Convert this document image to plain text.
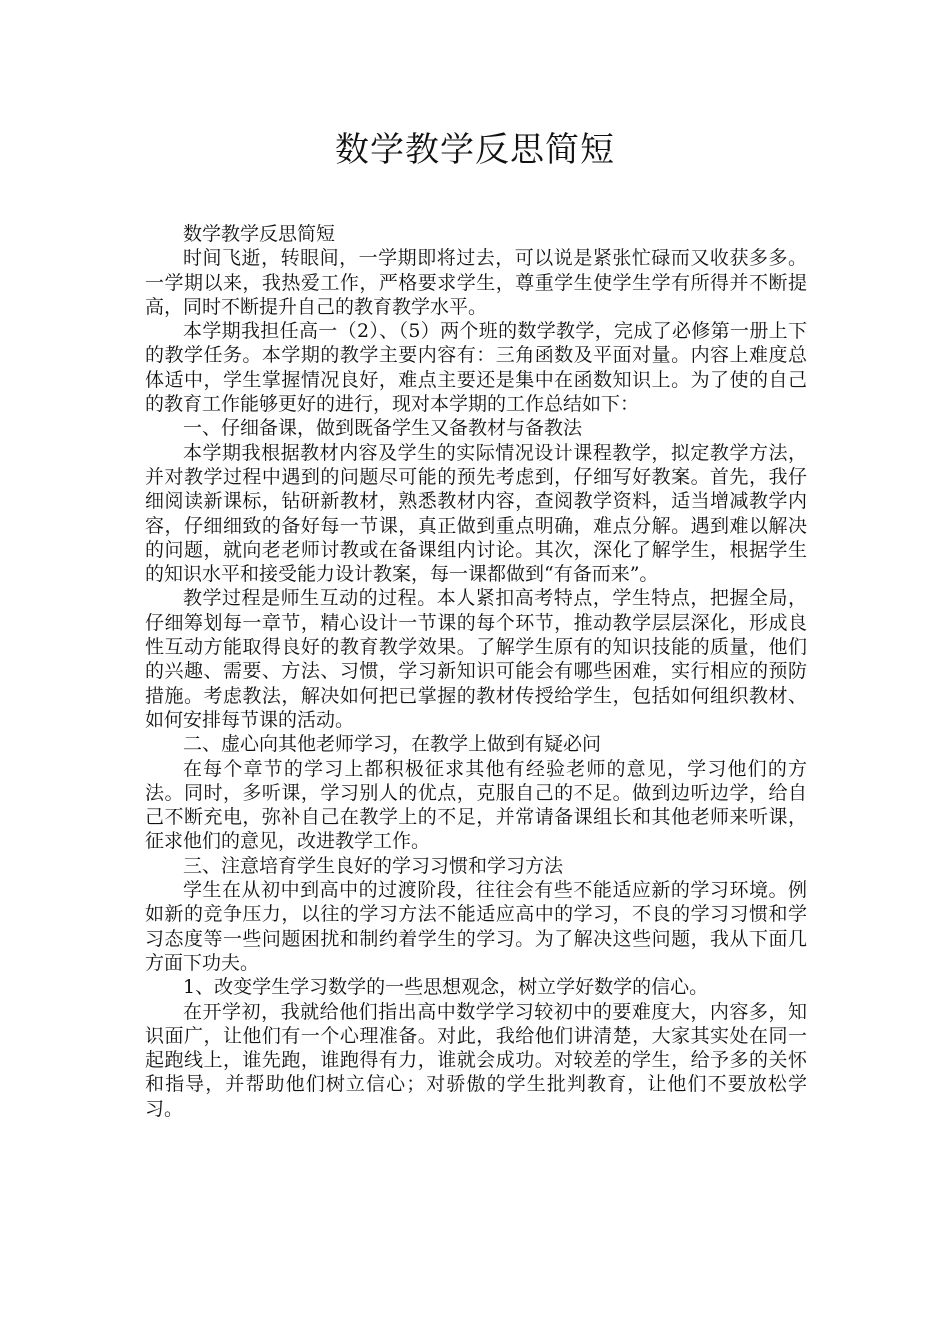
数学教学反思简短

数学教学反思简短

时间飞逝，转眼间，一学期即将过去，可以说是紧张忙碌而又收获多多。一学期以来，我热爱工作，严格要求学生，尊重学生使学生学有所得并不断提高，同时不断提升自己的教育教学水平。

本学期我担任高一（2）、（5）两个班的数学教学，完成了必修第一册上下的教学任务。本学期的教学主要内容有：三角函数及平面对量。内容上难度总体适中，学生掌握情况良好，难点主要还是集中在函数知识上。为了使的自己的教育工作能够更好的进行，现对本学期的工作总结如下：

一、仔细备课，做到既备学生又备教材与备教法

本学期我根据教材内容及学生的实际情况设计课程教学，拟定教学方法，并对教学过程中遇到的问题尽可能的预先考虑到，仔细写好教案。首先，我仔细阅读新课标，钻研新教材，熟悉教材内容，查阅教学资料，适当增减教学内容，仔细细致的备好每一节课，真正做到重点明确，难点分解。遇到难以解决的问题，就向老老师讨教或在备课组内讨论。其次，深化了解学生，根据学生的知识水平和接受能力设计教案，每一课都做到“有备而来”。

教学过程是师生互动的过程。本人紧扣高考特点，学生特点，把握全局，仔细筹划每一章节，精心设计一节课的每个环节，推动教学层层深化，形成良性互动方能取得良好的教育教学效果。了解学生原有的知识技能的质量，他们的兴趣、需要、方法、习惯，学习新知识可能会有哪些困难，实行相应的预防措施。考虑教法，解决如何把已掌握的教材传授给学生，包括如何组织教材、如何安排每节课的活动。

二、虚心向其他老师学习，在教学上做到有疑必问

在每个章节的学习上都积极征求其他有经验老师的意见，学习他们的方法。同时，多听课，学习别人的优点，克服自己的不足。做到边听边学，给自己不断充电，弥补自己在教学上的不足，并常请备课组长和其他老师来听课，征求他们的意见，改进教学工作。

三、注意培育学生良好的学习习惯和学习方法

学生在从初中到高中的过渡阶段，往往会有些不能适应新的学习环境。例如新的竞争压力，以往的学习方法不能适应高中的学习，不良的学习习惯和学习态度等一些问题困扰和制约着学生的学习。为了解决这些问题，我从下面几方面下功夫。

1、改变学生学习数学的一些思想观念，树立学好数学的信心。

在开学初，我就给他们指出高中数学学习较初中的要难度大，内容多，知识面广，让他们有一个心理准备。对此，我给他们讲清楚，大家其实处在同一起跑线上，谁先跑，谁跑得有力，谁就会成功。对较差的学生，给予多的关怀和指导，并帮助他们树立信心；对骄傲的学生批判教育，让他们不要放松学习。
